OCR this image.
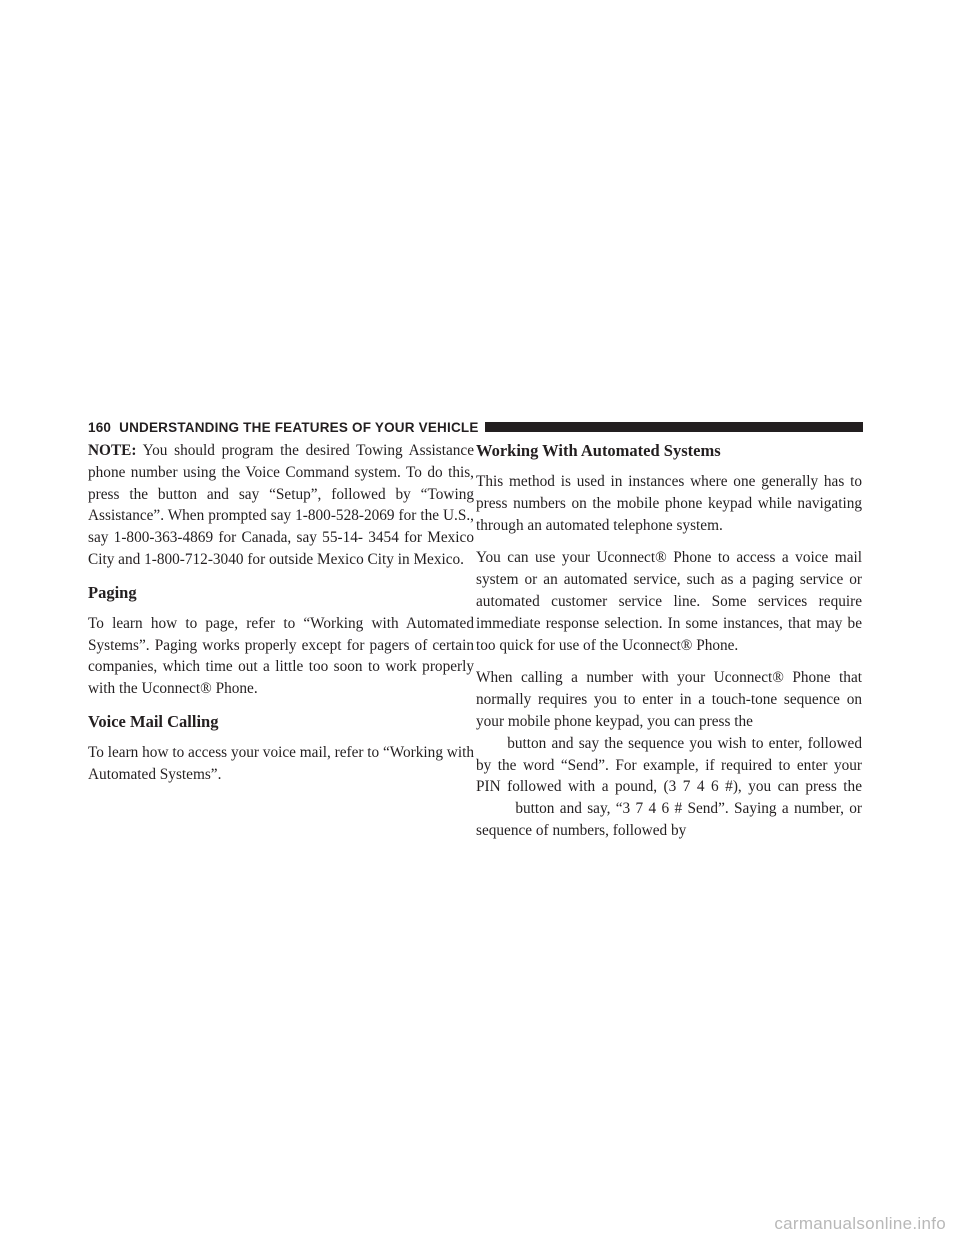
160 UNDERSTANDING THE FEATURES OF YOUR VEHICLE

NOTE: You should program the desired Towing Assistance phone number using the Voice Command system. To do this, press the button and say “Setup”, followed by “Towing Assistance”. When prompted say 1-800-528-2069 for the U.S., say 1-800-363-4869 for Canada, say 55-14- 3454 for Mexico City and 1-800-712-3040 for outside Mexico City in Mexico.

Paging

To learn how to page, refer to “Working with Automated Systems”. Paging works properly except for pagers of certain companies, which time out a little too soon to work properly with the Uconnect® Phone.

Voice Mail Calling

To learn how to access your voice mail, refer to “Working with Automated Systems”.

Working With Automated Systems

This method is used in instances where one generally has to press numbers on the mobile phone keypad while navigating through an automated telephone system.

You can use your Uconnect® Phone to access a voice mail system or an automated service, such as a paging service or automated customer service line. Some services require immediate response selection. In some instances, that may be too quick for use of the Uconnect® Phone.

When calling a number with your Uconnect® Phone that normally requires you to enter in a touch-tone sequence on your mobile phone keypad, you can press the
button and say the sequence you wish to enter, followed by the word “Send”. For example, if required to enter your PIN followed with a pound, (3 7 4 6 #), you can press the  button and say, “3 7 4 6 # Send”. Saying a number, or sequence of numbers, followed by

carmanualsonline.info
